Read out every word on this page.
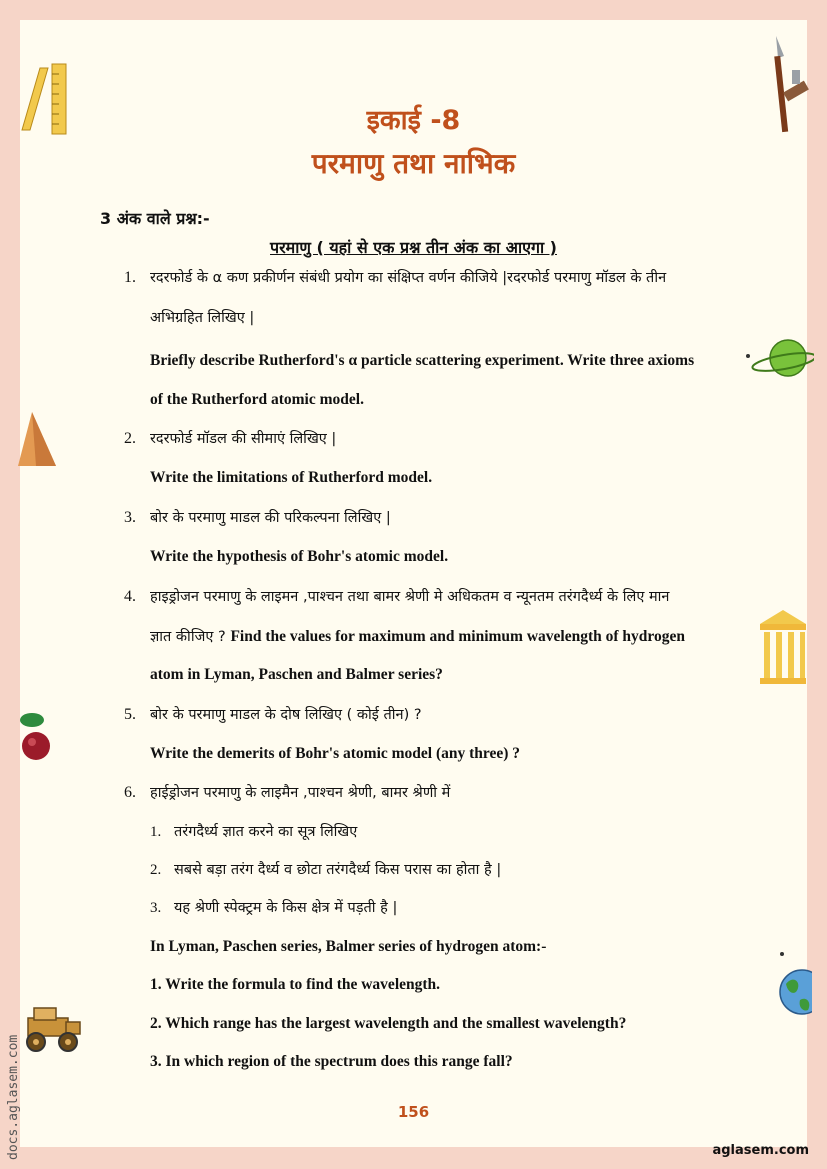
इकाई -8
परमाणु तथा नाभिक
3 अंक वाले प्रश्न:-
परमाणु ( यहां से एक प्रश्न तीन अंक का आएगा )
1. रदरफोर्ड के α कण प्रकीर्णन संबंधी प्रयोग का संक्षिप्त वर्णन कीजिये |रदरफोर्ड परमाणु मॉडल के तीन
अभिग्रहित लिखिए |
Briefly describe Rutherford's α particle scattering experiment. Write three axioms
of the Rutherford atomic model.
2. रदरफोर्ड मॉडल की सीमाएं लिखिए |
Write the limitations of Rutherford model.
3. बोर के परमाणु माडल की परिकल्पना लिखिए |
Write the hypothesis of Bohr's atomic model.
4. हाइड्रोजन परमाणु के लाइमन ,पाश्चन तथा बामर श्रेणी मे अधिकतम व न्यूनतम तरंगदैर्ध्य के लिए मान
ज्ञात कीजिए ? Find the values for maximum and minimum wavelength of hydrogen
atom in Lyman, Paschen and Balmer series?
5. बोर के परमाणु माडल के दोष लिखिए ( कोई तीन) ?
Write the demerits of Bohr's atomic model (any three) ?
6. हाईड्रोजन परमाणु के लाइमैन ,पाश्चन श्रेणी, बामर श्रेणी में
1. तरंगदैर्ध्य ज्ञात करने का सूत्र लिखिए
2. सबसे बड़ा तरंग दैर्ध्य व छोटा तरंगदैर्ध्य किस परास का होता है |
3. यह श्रेणी स्पेक्ट्रम के किस क्षेत्र में पड़ती है |
In Lyman, Paschen series, Balmer series of hydrogen atom:-
1. Write the formula to find the wavelength.
2. Which range has the largest wavelength and the smallest wavelength?
3. In which region of the spectrum does this range fall?
156
aglasem.com
docs.aglasem.com
